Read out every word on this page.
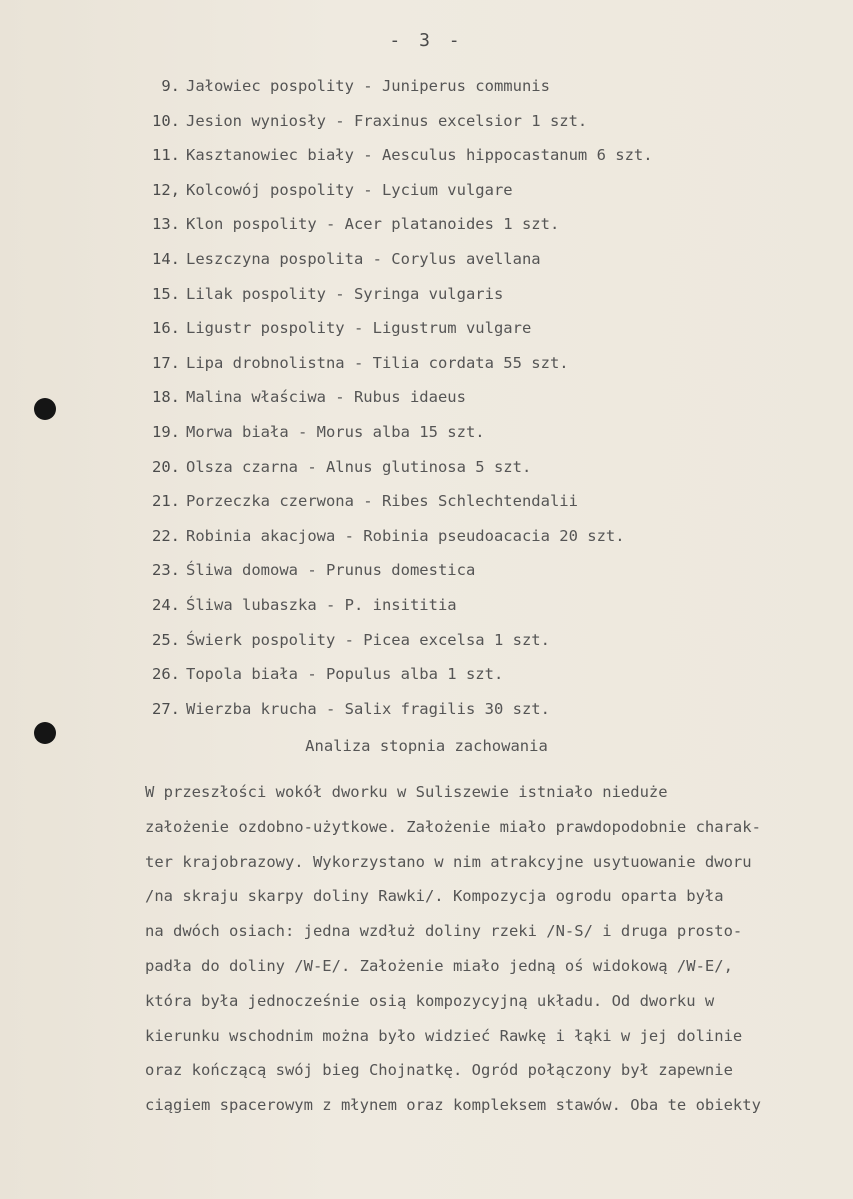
- 3 -
9. Jałowiec pospolity - Juniperus communis
10. Jesion wyniosły - Fraxinus excelsior 1 szt.
11. Kasztanowiec biały - Aesculus hippocastanum 6 szt.
12, Kolcowój pospolity - Lycium vulgare
13. Klon pospolity - Acer platanoides 1 szt.
14. Leszczyna pospolita - Corylus avellana
15. Lilak pospolity - Syringa vulgaris
16. Ligustr pospolity - Ligustrum vulgare
17. Lipa drobnolistna - Tilia cordata 55 szt.
18. Malina właściwa - Rubus idaeus
19. Morwa biała - Morus alba 15 szt.
20. Olsza czarna - Alnus glutinosa 5 szt.
21. Porzeczka czerwona - Ribes Schlechtendalii
22. Robinia akacjowa - Robinia pseudoacacia 20 szt.
23. Śliwa domowa - Prunus domestica
24. Śliwa lubaszka - P. insititia
25. Świerk pospolity - Picea excelsa 1 szt.
26. Topola biała - Populus alba 1 szt.
27. Wierzba krucha - Salix fragilis 30 szt.
Analiza stopnia zachowania
W przeszłości wokół dworku w Suliszewie istniało nieduże
założenie ozdobno-użytkowe. Założenie miało prawdopodobnie charak-
ter krajobrazowy. Wykorzystano w nim atrakcyjne usytuowanie dworu
/na skraju skarpy doliny Rawki/. Kompozycja ogrodu oparta była
na dwóch osiach: jedna wzdłuż doliny rzeki /N-S/ i druga prosto-
padła do doliny /W-E/. Założenie miało jedną oś widokową /W-E/,
która była jednocześnie osią kompozycyjną układu. Od dworku w
kierunku wschodnim można było widzieć Rawkę i łąki w jej dolinie
oraz kończącą swój bieg Chojnatkę. Ogród połączony był zapewnie
ciągiem spacerowym z młynem oraz kompleksem stawów. Oba te obiekty
